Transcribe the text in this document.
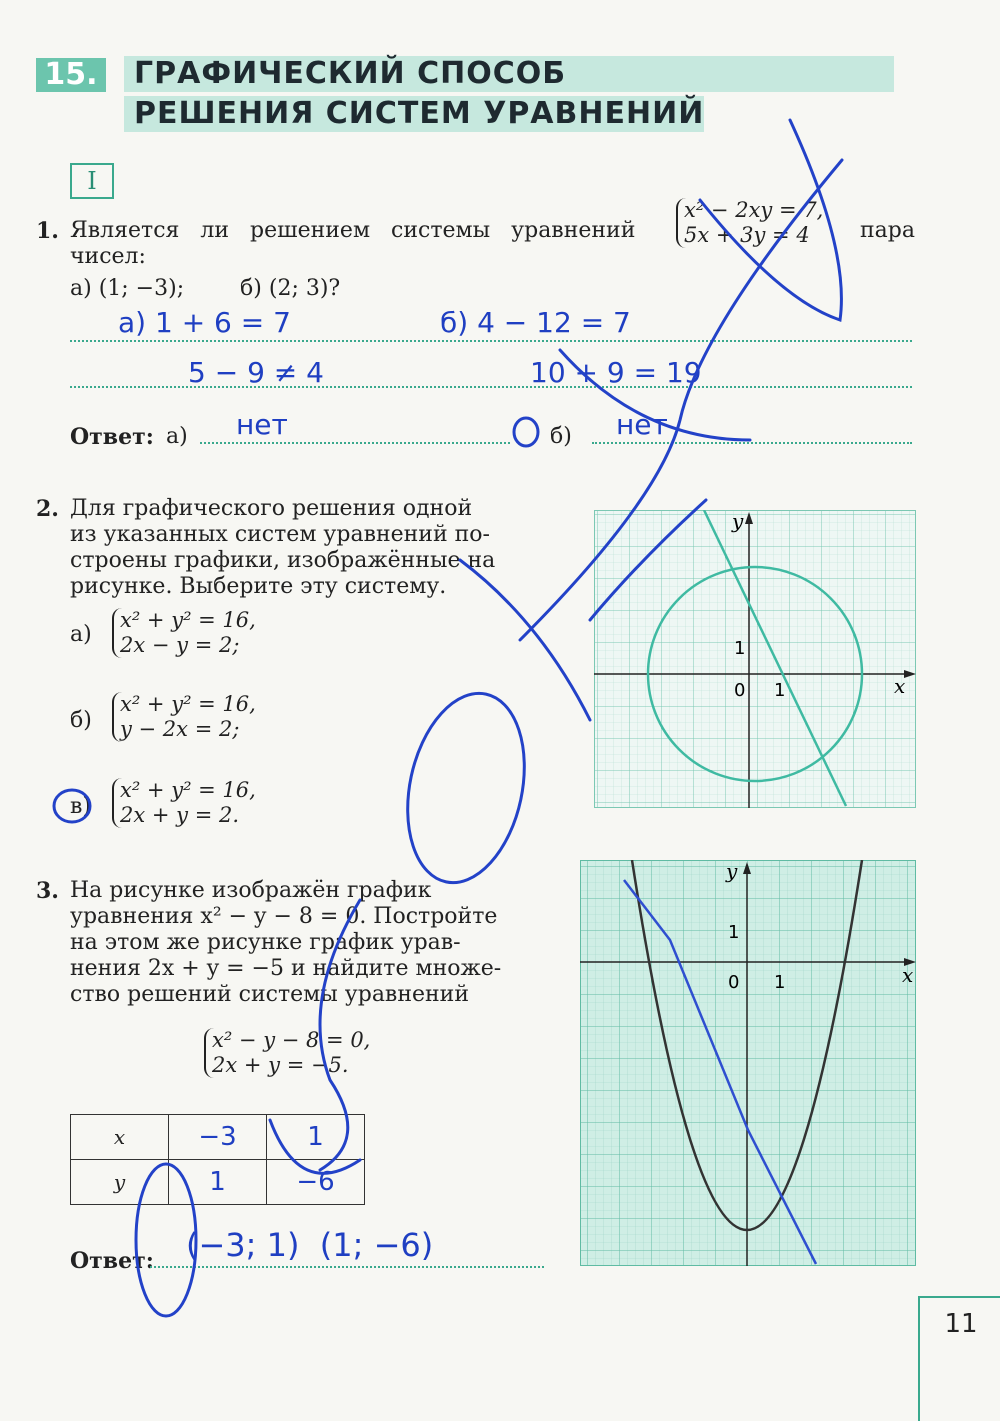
15. ГРАФИЧЕСКИЙ СПОСОБ
РЕШЕНИЯ СИСТЕМ УРАВНЕНИЙ
I
1. Является ли решением системы уравнений
x² − 2xy = 7,
5x + 3y = 4	пара
чисел:
а) (1; −3);        б) (2; 3)?
а) 1 + 6 = 7
5 − 9 ≠ 4
б) 4 − 12 = 7
10 + 9 = 19
Ответ: а) нет	б) нет
2. Для графического решения одной
из указанных систем уравнений по-
строены графики, изображённые на
рисунке. Выберите эту систему.
а)
x² + y² = 16,
2x − y = 2;
б)
x² + y² = 16,
y − 2x = 2;
в)
x² + y² = 16,
2x + y = 2.
x
y
0 1
1
3. На рисунке изображён график
уравнения x² − y − 8 = 0. Постройте
на этом же рисунке график урав-
нения 2x + y = −5 и найдите множе-
ство решений системы уравнений
x² − y − 8 = 0,
2x + y = −5.
x	−3	1
y	1	−6
Ответ: (−3; 1)  (1; −6)
x
y
0 1
1
11
